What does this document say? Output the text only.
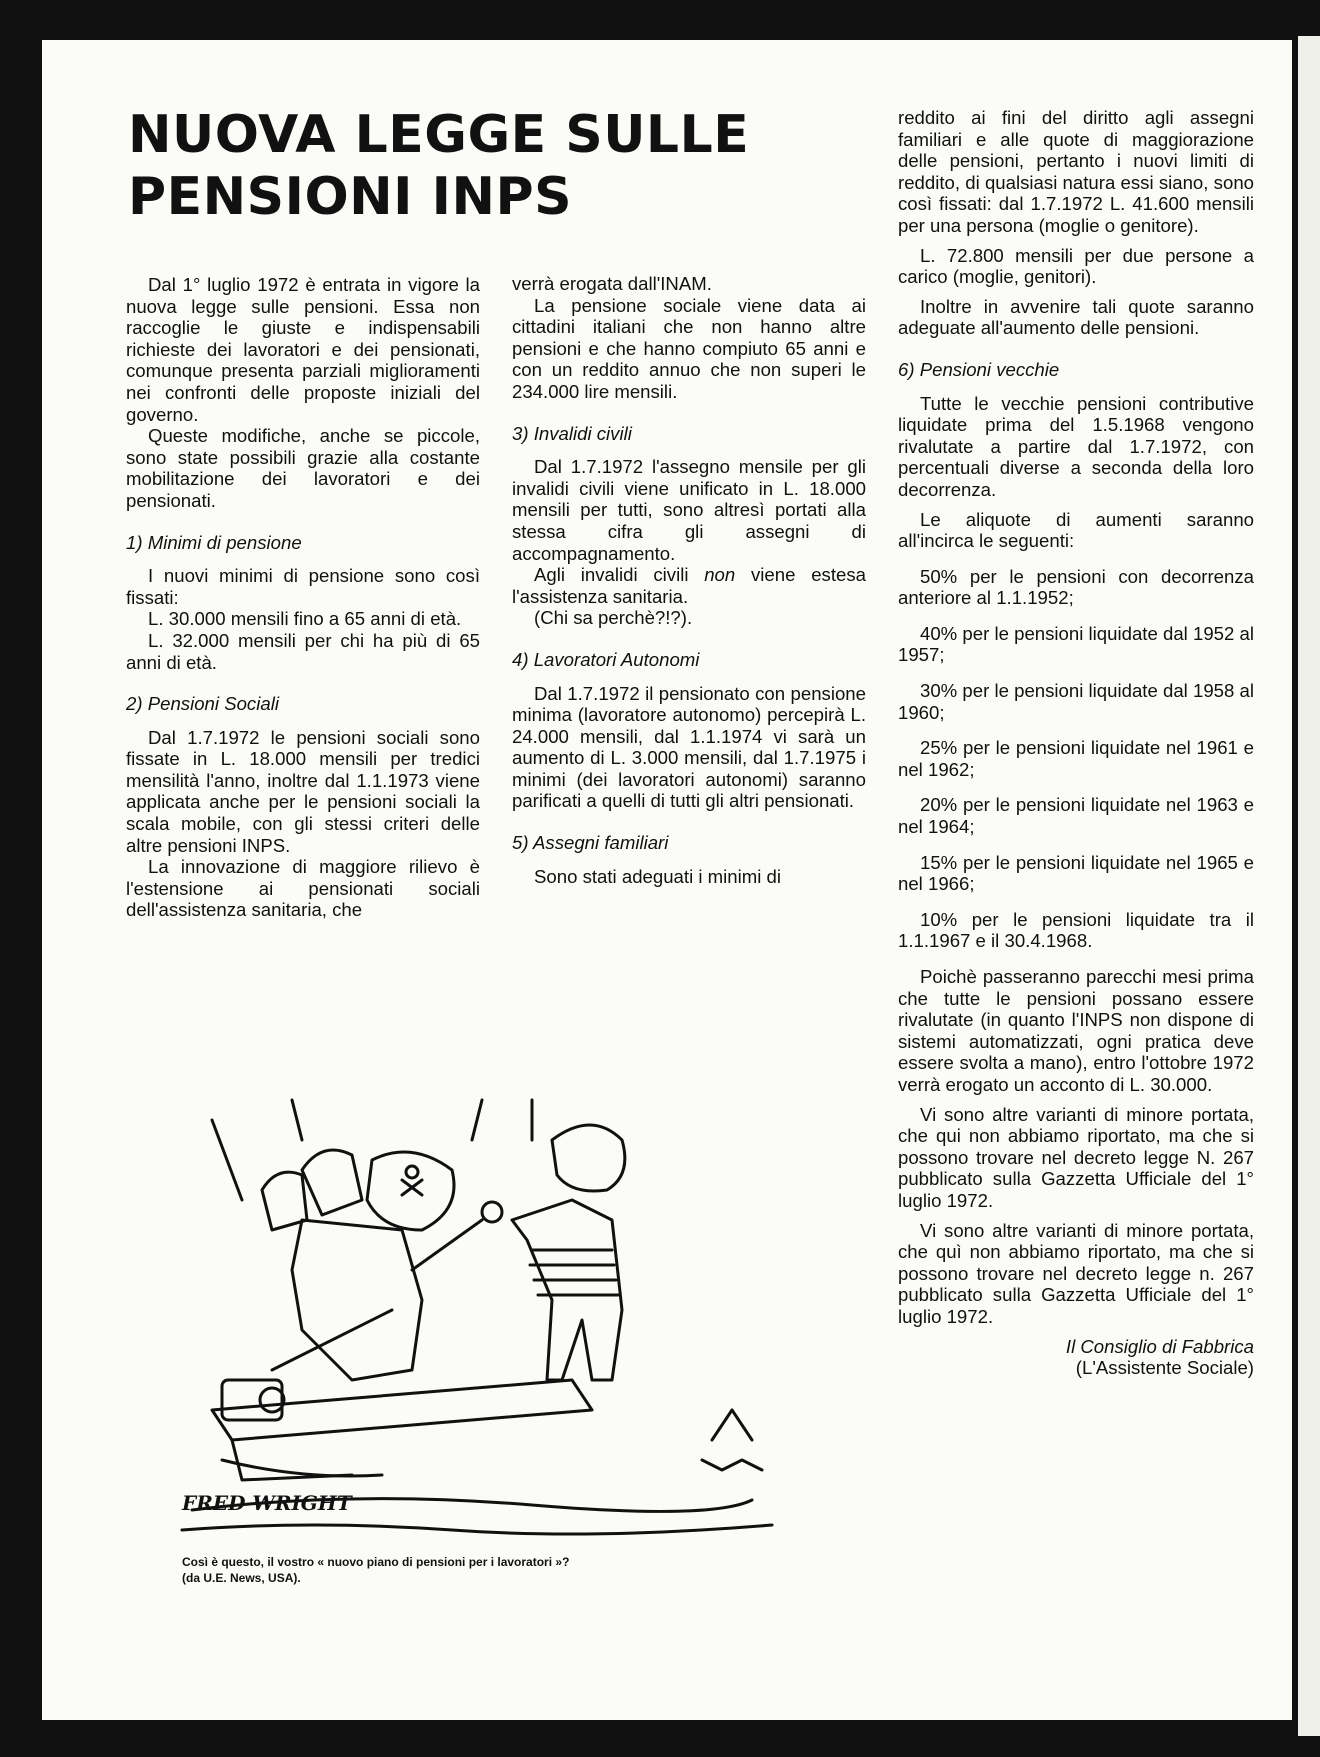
NUOVA LEGGE SULLE PENSIONI INPS

Dal 1° luglio 1972 è entrata in vigore la nuova legge sulle pensioni. Essa non raccoglie le giuste e indispensabili richieste dei lavoratori e dei pensionati, comunque presenta parziali miglioramenti nei confronti delle proposte iniziali del governo.

Queste modifiche, anche se piccole, sono state possibili grazie alla costante mobilitazione dei lavoratori e dei pensionati.

1) Minimi di pensione

I nuovi minimi di pensione sono così fissati:

L. 30.000 mensili fino a 65 anni di età.

L. 32.000 mensili per chi ha più di 65 anni di età.

2) Pensioni Sociali

Dal 1.7.1972 le pensioni sociali sono fissate in L. 18.000 mensili per tredici mensilità l'anno, inoltre dal 1.1.1973 viene applicata anche per le pensioni sociali la scala mobile, con gli stessi criteri delle altre pensioni INPS.

La innovazione di maggiore rilievo è l'estensione ai pensionati sociali dell'assistenza sanitaria, che

verrà erogata dall'INAM.

La pensione sociale viene data ai cittadini italiani che non hanno altre pensioni e che hanno compiuto 65 anni e con un reddito annuo che non superi le 234.000 lire mensili.

3) Invalidi civili

Dal 1.7.1972 l'assegno mensile per gli invalidi civili viene unificato in L. 18.000 mensili per tutti, sono altresì portati alla stessa cifra gli assegni di accompagnamento.

Agli invalidi civili non viene estesa l'assistenza sanitaria.

(Chi sa perchè?!?).

4) Lavoratori Autonomi

Dal 1.7.1972 il pensionato con pensione minima (lavoratore autonomo) percepirà L. 24.000 mensili, dal 1.1.1974 vi sarà un aumento di L. 3.000 mensili, dal 1.7.1975 i minimi (dei lavoratori autonomi) saranno parificati a quelli di tutti gli altri pensionati.

5) Assegni familiari

Sono stati adeguati i minimi di

reddito ai fini del diritto agli assegni familiari e alle quote di maggiorazione delle pensioni, pertanto i nuovi limiti di reddito, di qualsiasi natura essi siano, sono così fissati: dal 1.7.1972 L. 41.600 mensili per una persona (moglie o genitore).

L. 72.800 mensili per due persone a carico (moglie, genitori).

Inoltre in avvenire tali quote saranno adeguate all'aumento delle pensioni.

6) Pensioni vecchie

Tutte le vecchie pensioni contributive liquidate prima del 1.5.1968 vengono rivalutate a partire dal 1.7.1972, con percentuali diverse a seconda della loro decorrenza.

Le aliquote di aumenti saranno all'incirca le seguenti:

50% per le pensioni con decorrenza anteriore al 1.1.1952;

40% per le pensioni liquidate dal 1952 al 1957;

30% per le pensioni liquidate dal 1958 al 1960;

25% per le pensioni liquidate nel 1961 e nel 1962;

20% per le pensioni liquidate nel 1963 e nel 1964;

15% per le pensioni liquidate nel 1965 e nel 1966;

10% per le pensioni liquidate tra il 1.1.1967 e il 30.4.1968.

Poichè passeranno parecchi mesi prima che tutte le pensioni possano essere rivalutate (in quanto l'INPS non dispone di sistemi automatizzati, ogni pratica deve essere svolta a mano), entro l'ottobre 1972 verrà erogato un acconto di L. 30.000.

Vi sono altre varianti di minore portata, che qui non abbiamo riportato, ma che si possono trovare nel decreto legge N. 267 pubblicato sulla Gazzetta Ufficiale del 1° luglio 1972.

Vi sono altre varianti di minore portata, che quì non abbiamo riportato, ma che si possono trovare nel decreto legge n. 267 pubblicato sulla Gazzetta Ufficiale del 1° luglio 1972.

Il Consiglio di Fabbrica
(L'Assistente Sociale)
FRED WRIGHT
Così è questo, il vostro « nuovo piano di pensioni per i lavoratori »?
(da U.E. News, USA).
